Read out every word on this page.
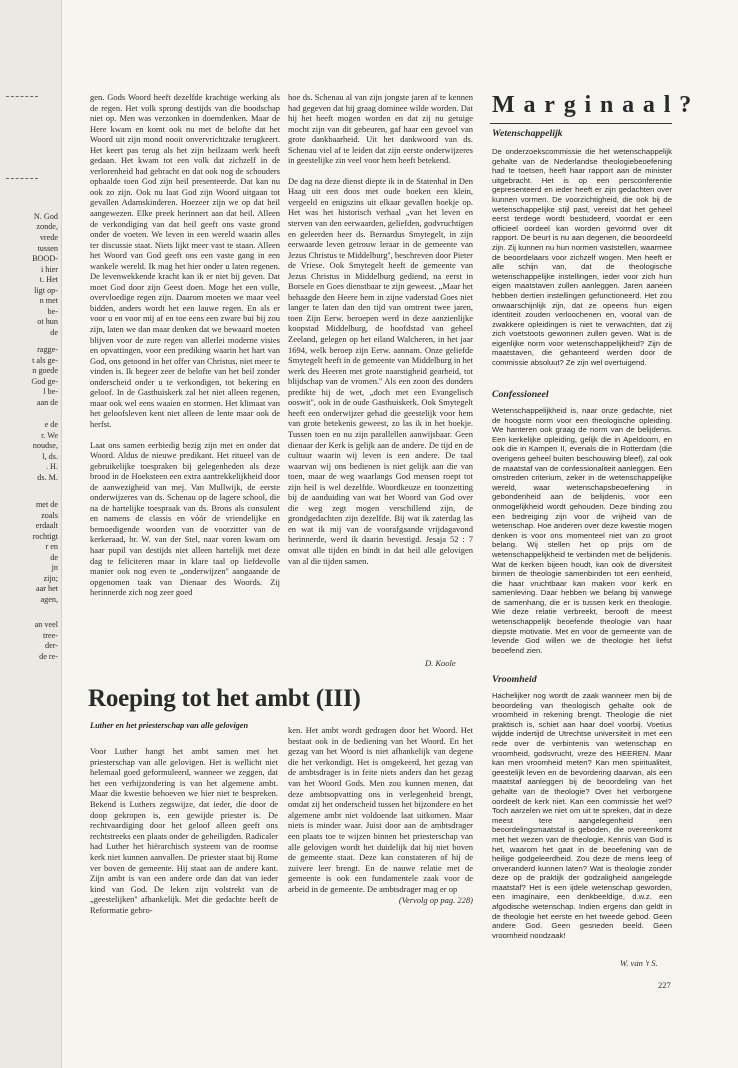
N. God
zonde,
vrede
tussen
BOOD-
i hier
t. Het
ligt op-
n met
be-
ot hun
de
ragge-
t als ge-
n goede
God ge-
l be-
aan de
e de
r. We
noudse,
l, ds.
. H.
ds. M.
met de
zoals
erdaalt
rochtigt
r en
de
jn
zijn;
aar het
agen,
an veel
tree-
der-
de re-

gen. Gods Woord heeft dezelfde krachtige werking als de regen. Het volk sprong destijds van die boodschap niet op. Men was verzonken in doemdenken. Maar de Here kwam en komt ook nu met de belofte dat het Woord uit zijn mond nooit onvervrichtzake terugkeert. Het keert pas terug als het zijn heilzaam werk heeft gedaan. Het kwam tot een volk dat zichzelf in de verlorenheid had gebracht en dat ook nog de schouders ophaalde toen God zijn heil presenteerde. Dat kan nu ook zo zijn. Ook nu laat God zijn Woord uitgaan tot gevallen Adamskinderen. Hoezeer zijn we op dat heil aangewezen. Elke preek herinnert aan dat heil. Alleen de verkondiging van dat heil geeft ons vaste grond onder de voeten. We leven in een wereld waarin alles ter discussie staat. Niets lijkt meer vast te staan. Alleen het Woord van God geeft ons een vaste gang in een wankele wereld. Ik mag het hier onder u laten regenen. De levenwekkende kracht kan ik er niet bij geven. Dat moet God door zijn Geest doen. Moge het een volle, overvloedige regen zijn. Daarom moeten we maar veel bidden, anders wordt het een lauwe regen. En als er voor u en voor mij af en toe eens een zware bui bij zou zijn, laten we dan maar denken dat we bewaard moeten blijven voor de zure regen van allerlei moderne visies en opvattingen, voor een prediking waarin het hart van God, ons getoond in het offer van Christus, niet meer te vinden is. Ik begeer zeer de belofte van het heil zonder onderscheid onder u te verkondigen, tot bekering en geloof. In de Gasthuiskerk zal het niet alleen regenen, maar ook wel eens waaien en stormen. Het klimaat van het geloofsleven kent niet alleen de lente maar ook de herfst.

Laat ons samen eerbiedig bezig zijn met en onder dat Woord. Aldus de nieuwe predikant. Het ritueel van de gebruikelijke toespraken bij gelegenheden als deze brood in de Hoeksteen een extra aantrekkelijkheid door de aanwezigheid van mej. Van Mullwijk, de eerste onderwijzeres van ds. Schenau op de lagere school, die na de hartelijke toespraak van ds. Brons als consulent en namens de classis en vóór de vriendelijke en bemoedigende woorden van de voorzitter van de kerkeraad, br. W. van der Stel, naar voren kwam om haar pupil van destijds niet alleen hartelijk met deze dag te feliciteren maar in klare taal op liefdevolle manier ook nog even te „onderwijzen'' aangaande de opgenomen taak van Dienaar des Woords. Zij herinnerde zich nog zeer goed

hoe ds. Schenau al van zijn jongste jaren af te kennen had gegeven dat hij graag dominee wilde worden. Dat hij het heeft mogen worden en dat zij nu getuige mocht zijn van dit gebeuren, gaf haar een gevoel van grote dankbaarheid. Uit het dankwoord van ds. Schenau viel af te leiden dat zijn eerste onderwijzeres in geestelijke zin veel voor hem heeft betekend.

De dag na deze dienst diepte ik in de Statenhal in Den Haag uit een doos met oude boeken een klein, vergeeld en enigszins uit elkaar gevallen boekje op. Het was het historisch verhaal „van het leven en sterven van den eerwaarden, geliefden, godvruchtigen en geleerden heer ds. Bernardus Smytegelt, in zijn eerwaarde leven getrouw leraar in de gemeente van Jezus Christus te Middelburg'', beschreven door Pieter de Vriese. Ook Smytegelt heeft de gemeente van Jezus Christus in Middelburg gediend, na eerst in Borsele en Goes dienstbaar te zijn geweest. „Maar het behaagde den Heere hem in zijne vaderstad Goes niet langer te laten dan den tijd van omtrent twee jaren, toen Zijn Eerw. beroepen werd in deze aanzienlijke koopstad Middelburg, de hoofdstad van geheel Zeeland, gelegen op het eiland Walcheren, in het jaar 1694, welk beroep zijn Eerw. aannam. Onze geliefde Smytegelt heeft in de gemeente van Middelburg in het werk des Heeren met grote naarstigheid gearbeid, tot blijdschap van de vromen.'' Als een zoon des donders predikte hij de wet, „doch met een Evangelisch ooswit'', ook in de oude Gasthuiskerk. Ook Smytegelt heeft een onderwijzer gehad die geestelijk voor hem van grote betekenis geweest, zo las ik in het boekje. Tussen toen en nu zijn parallellen aanwijsbaar. Geen dienaar der Kerk is gelijk aan de andere. De tijd en de cultuur waarin wij leven is een andere. De taal waarvan wij ons bedienen is niet gelijk aan die van toen, maar de weg waarlangs God mensen roept tot zijn heil is wel dezelfde. Woordkeuze en toonzetting bij de aanduiding van wat het Woord van God over die weg zegt mogen verschillend zijn, de grondgedachten zijn dezelfde. Bij wat ik zaterdag las en wat ik mij van de voorafgaande vrijdagavond herinnerde, werd ik daarin bevestigd. Jesaja 52 : 7 omvat alle tijden en bindt in dat heil alle gelovigen van al die tijden samen.

D. Koole
Roeping tot het ambt (III)
Luther en het priesterschap van alle gelovigen

Voor Luther hangt het ambt samen met het priesterschap van alle gelovigen. Het is wellicht niet helemaal goed geformuleerd, wanneer we zeggen, dat het een verbijzondering is van het algemene ambt. Maar die kwestie behoeven we hier niet te bespreken. Bekend is Luthers zegswijze, dat ieder, die door de doop gekropen is, een gewijde priester is. De rechtvaardiging door het geloof alleen geeft ons rechtstreeks een plaats onder de geheiligden. Radicaler had Luther het hiërarchisch systeem van de roomse kerk niet kunnen aanvallen. De priester staat bij Rome ver boven de gemeente. Hij staat aan de andere kant. Zijn ambt is van een andere orde dan dat van ieder kind van God. De leken zijn volstrekt van de „geestelijken'' afhankelijk. Met die gedachte heeft de Reformatie gebro-

ken. Het ambt wordt gedragen door het Woord. Het bestaat ook in de bediening van het Woord. En het gezag van het Woord is niet afhankelijk van degene die het verkondigt. Het is omgekeerd, het gezag van de ambtsdrager is in feite niets anders dan het gezag van het Woord Gods. Men zou kunnen menen, dat deze ambtsopvatting ons in verlegenheid brengt, omdat zij het onderscheid tussen het bijzondere en het algemene ambt niet voldoende laat uitkomen. Maar niets is minder waar. Juist door aan de ambtsdrager een plaats toe te wijzen binnen het priesterschap van alle gelovigen wordt het duidelijk dat hij niet boven de gemeente staat. Deze kan constateren of hij de zuivere leer brengt. En de nauwe relatie met de gemeente is ook een fundamentele zaak voor de arbeid in de gemeente. De ambtsdrager mag er op

(Vervolg op pag. 228)
Marginaal?
Wetenschappelijk

De onderzoekscommissie die het wetenschappelijk gehalte van de Nederlandse theologiebeoefening had te toetsen, heeft haar rapport aan de minister uitgebracht. Het is op een persconferentie gepresenteerd en ieder heeft er zijn gedachten over kunnen vormen. De voorzichtigheid, die ook bij de wetenschappelijke stijl past, vereist dat het geheel eerst terdege wordt bestudeerd, voordat er een officieel oordeel kan worden gevormd over dit rapport. De beurt is nu aan degenen, die beoordeeld zijn. Zij kunnen nu hun normen vaststellen, waarmee de beoordelaars voor zichzelf wogen. Men heeft er alle schijn van, dat de theologische wetenschappelijke instellingen, ieder voor zich hun eigen maatstaven zullen aanleggen. Jaren aaneen hebben dertien instellingen gefunctioneerd. Het zou onwaarschijnlijk zijn, dat ze opeens hun eigen identiteit zouden verloochenen en, vooral van de zwakkere opleidingen is niet te verwachten, dat zij zich voetstoots gewonnen zullen geven. Wat is de eigenlijke norm voor wetenschappelijkheid? Zijn de maatstaven, die gehanteerd werden door de commissie absoluut? Ze zijn wel overtuigend.

Confessioneel

Wetenschappelijkheid is, naar onze gedachte, niet de hoogste norm voor een theologische opleiding. We hanteren ook graag de norm van de belijdenis. Een kerkelijke opleiding, gelijk die in Apeldoorn, en ook die in Kampen II, evenals die in Rotterdam (die overigens geheel buiten beschouwing bleef), zal ook de maatstaf van de confessionaliteit aanleggen. Een omstreden criterium, zeker in de wetenschappelijke wereld, waar wetenschapsbeoefening in gebondenheid aan de belijdenis, voor een onmogelijkheid wordt gehouden. Deze binding zou een bedreiging zijn voor de vrijheid van de wetenschap. Hoe anderen over deze kwestie mogen denken is voor ons momenteel niet van zo groot belang. Wij stellen het op prijs om de wetenschappelijkheid te verbinden met de belijdenis. Wat de kerken bijeen houdt, kan ook de diversiteit binnen de theologie samenbinden tot een eenheid, die haar vruchtbaar kan maken voor kerk en samenleving. Daar hebben we belang bij vanwege de samenhang, die er is tussen kerk en theologie. Wie deze relatie verbreekt, berooft de meest wetenschappelijk beoefende theologie van haar diepste motivatie. Met en voor de gemeente van de levende God willen we de theologie het liefst beoefend zien.

Vroomheid

Hachelijker nog wordt de zaak wanneer men bij de beoordeling van theologisch gehalte ook de vroomheid in rekening brengt. Theologie die niet praktisch is, schiet aan haar doel voorbij. Voetius wijdde indertijd de Utrechtse universiteit in met een rede over de verbintenis van wetenschap en vroomheid, godsvrucht, vreze des HEEREN. Maar kan men vroomheid meten? Kan men spiritualiteit, geestelijk leven en de bevordering daarvan, als een maatstaf aanleggen bij de beoordeling van het gehalte van de theologie? Over het verborgene oordeelt de kerk niet. Kan een commissie het wel? Toch aarzelen we niet om uit te spreken, dat in deze meest tere aangelegenheid een beoordelingsmaatstaf is geboden, die overeenkomt met het wezen van de theologie. Kennis van God is het, waarom het gaat in de beoefening van de heilige godgeleerdheid. Zou deze de mens leeg of onveranderd kunnen laten? Wat is theologie zonder deze op de praktijk der godzaligheid aangelegde maatstaf? Het is een ijdele wetenschap geworden, een imaginaire, een denkbeeldige, d.w.z. een afgodische wetenschap. Indien ergens dan geldt in de theologie het eerste en het tweede gebod. Geen andere God. Geen gesneden beeld. Geen vroomheid noodzaak!

W. van 't S.
227
